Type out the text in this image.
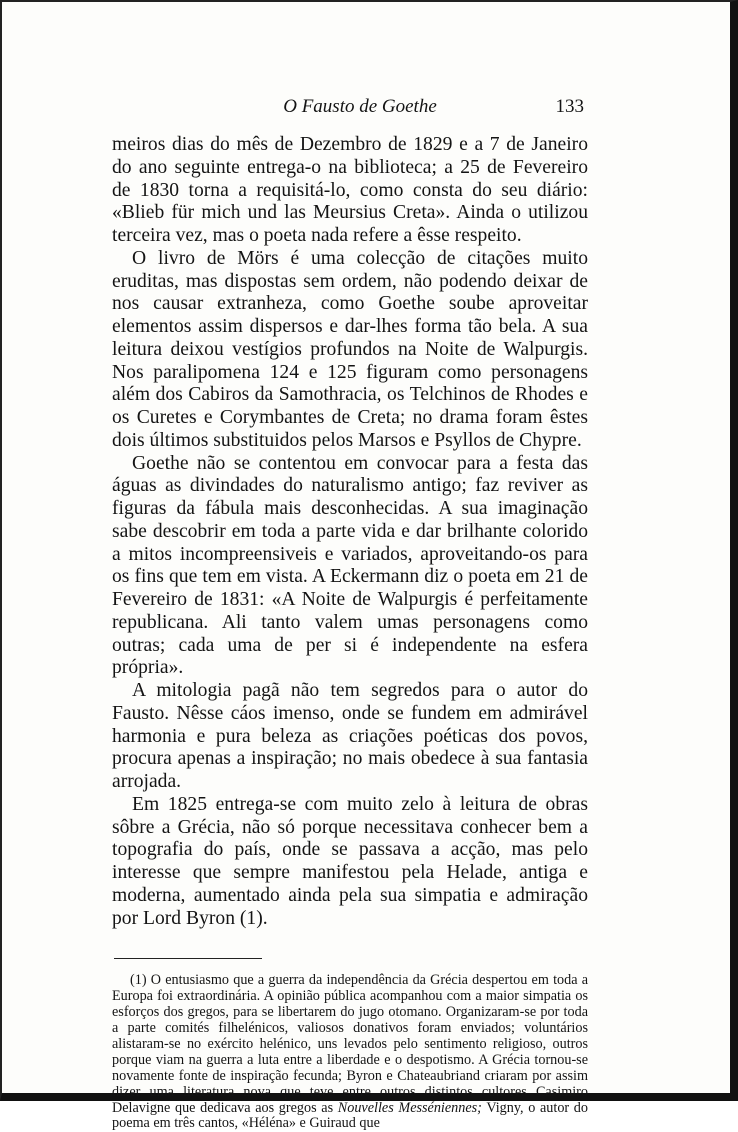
O Fausto de Goethe	133

meiros dias do mês de Dezembro de 1829 e a 7 de Janeiro do ano seguinte entrega-o na biblioteca; a 25 de Fevereiro de 1830 torna a requisitá-lo, como consta do seu diário: «Blieb für mich und las Meursius Creta». Ainda o utilizou terceira vez, mas o poeta nada refere a êsse respeito.

O livro de Mörs é uma colecção de citações muito eruditas, mas dispostas sem ordem, não podendo deixar de nos causar extranheza, como Goethe soube aproveitar elementos assim dispersos e dar-lhes forma tão bela. A sua leitura deixou vestígios profundos na Noite de Walpurgis. Nos paralipomena 124 e 125 figuram como personagens além dos Cabiros da Samothracia, os Telchinos de Rhodes e os Curetes e Corymbantes de Creta; no drama foram êstes dois últimos substituidos pelos Marsos e Psyllos de Chypre.

Goethe não se contentou em convocar para a festa das águas as divindades do naturalismo antigo; faz reviver as figuras da fábula mais desconhecidas. A sua imaginação sabe descobrir em toda a parte vida e dar brilhante colorido a mitos incompreensiveis e variados, aproveitando-os para os fins que tem em vista. A Eckermann diz o poeta em 21 de Fevereiro de 1831: «A Noite de Walpurgis é perfeitamente republicana. Ali tanto valem umas personagens como outras; cada uma de per si é independente na esfera própria».

A mitologia pagã não tem segredos para o autor do Fausto. Nêsse cáos imenso, onde se fundem em admirável harmonia e pura beleza as criações poéticas dos povos, procura apenas a inspiração; no mais obedece à sua fantasia arrojada.

Em 1825 entrega-se com muito zelo à leitura de obras sôbre a Grécia, não só porque necessitava conhecer bem a topografia do país, onde se passava a acção, mas pelo interesse que sempre manifestou pela Helade, antiga e moderna, aumentado ainda pela sua simpatia e admiração por Lord Byron (1).

(1) O entusiasmo que a guerra da independência da Grécia despertou em toda a Europa foi extraordinária. A opinião pública acompanhou com a maior simpatia os esforços dos gregos, para se libertarem do jugo otomano. Organizaram-se por toda a parte comités filhelénicos, valiosos donativos foram enviados; voluntários alistaram-se no exército helénico, uns levados pelo sentimento religioso, outros porque viam na guerra a luta entre a liberdade e o despotismo. A Grécia tornou-se novamente fonte de inspiração fecunda; Byron e Chateaubriand criaram por assim dizer uma literatura nova que teve entre outros distintos cultores Casimiro Delavigne que dedicava aos gregos as Nouvelles Messéniennes; Vigny, o autor do poema em três cantos, «Héléna» e Guiraud que
